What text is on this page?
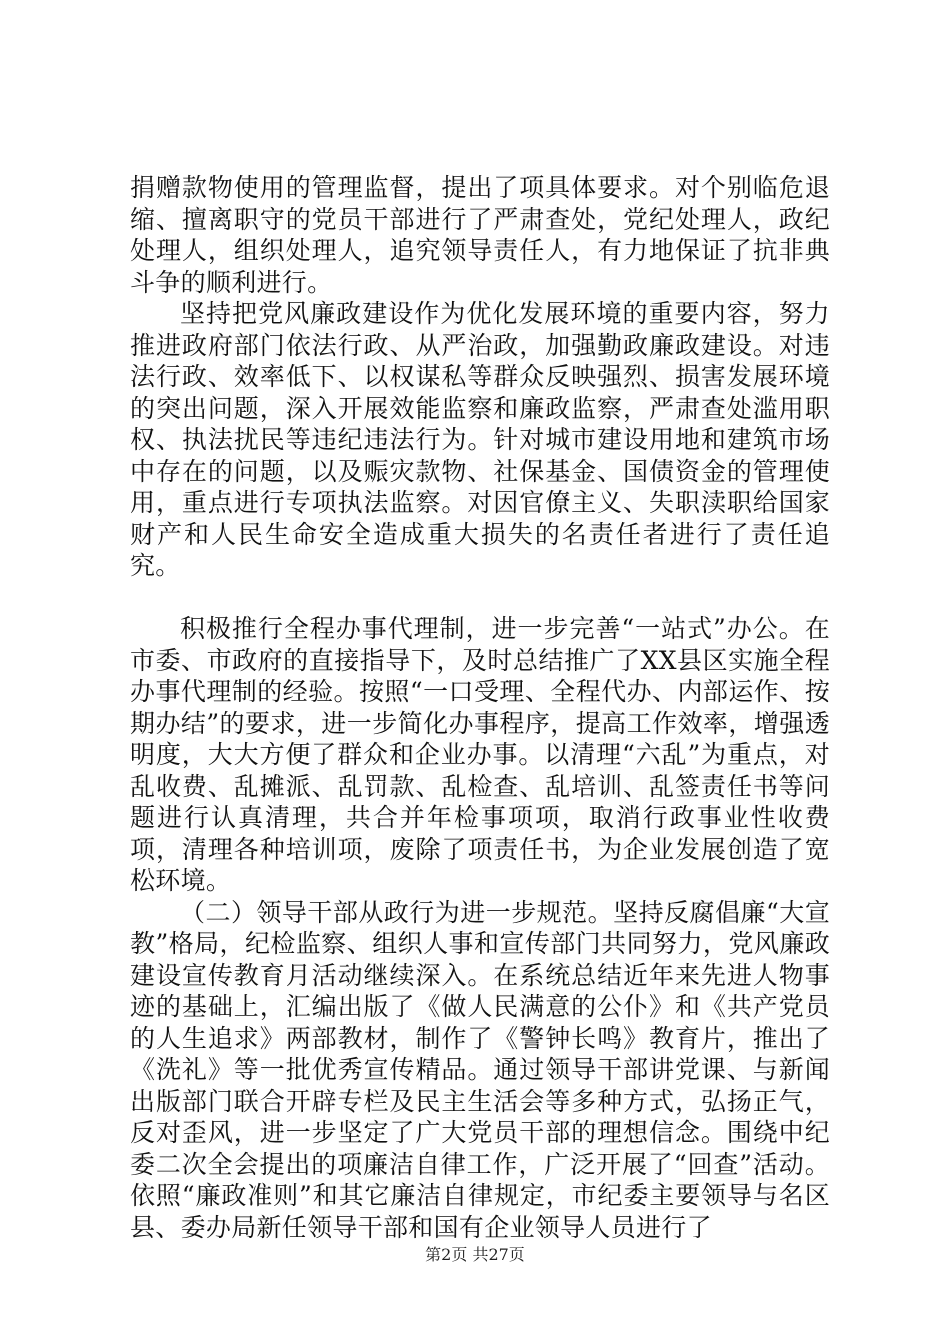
捐赠款物使用的管理监督，提出了项具体要求。对个别临危退缩、擅离职守的党员干部进行了严肃查处，党纪处理人，政纪处理人，组织处理人，追究领导责任人，有力地保证了抗非典斗争的顺利进行。

坚持把党风廉政建设作为优化发展环境的重要内容，努力推进政府部门依法行政、从严治政，加强勤政廉政建设。对违法行政、效率低下、以权谋私等群众反映强烈、损害发展环境的突出问题，深入开展效能监察和廉政监察，严肃查处滥用职权、执法扰民等违纪违法行为。针对城市建设用地和建筑市场中存在的问题，以及赈灾款物、社保基金、国债资金的管理使用，重点进行专项执法监察。对因官僚主义、失职渎职给国家财产和人民生命安全造成重大损失的名责任者进行了责任追究。

积极推行全程办事代理制，进一步完善“一站式”办公。在市委、市政府的直接指导下，及时总结推广了XX县区实施全程办事代理制的经验。按照“一口受理、全程代办、内部运作、按期办结”的要求，进一步简化办事程序，提高工作效率，增强透明度，大大方便了群众和企业办事。以清理“六乱”为重点，对乱收费、乱摊派、乱罚款、乱检查、乱培训、乱签责任书等问题进行认真清理，共合并年检事项项，取消行政事业性收费项，清理各种培训项，废除了项责任书，为企业发展创造了宽松环境。

（二）领导干部从政行为进一步规范。坚持反腐倡廉“大宣教”格局，纪检监察、组织人事和宣传部门共同努力，党风廉政建设宣传教育月活动继续深入。在系统总结近年来先进人物事迹的基础上，汇编出版了《做人民满意的公仆》和《共产党员的人生追求》两部教材，制作了《警钟长鸣》教育片，推出了《洗礼》等一批优秀宣传精品。通过领导干部讲党课、与新闻出版部门联合开辟专栏及民主生活会等多种方式，弘扬正气，反对歪风，进一步坚定了广大党员干部的理想信念。围绕中纪委二次全会提出的项廉洁自律工作，广泛开展了“回查”活动。依照“廉政准则”和其它廉洁自律规定，市纪委主要领导与名区县、委办局新任领导干部和国有企业领导人员进行了

第2页 共27页
